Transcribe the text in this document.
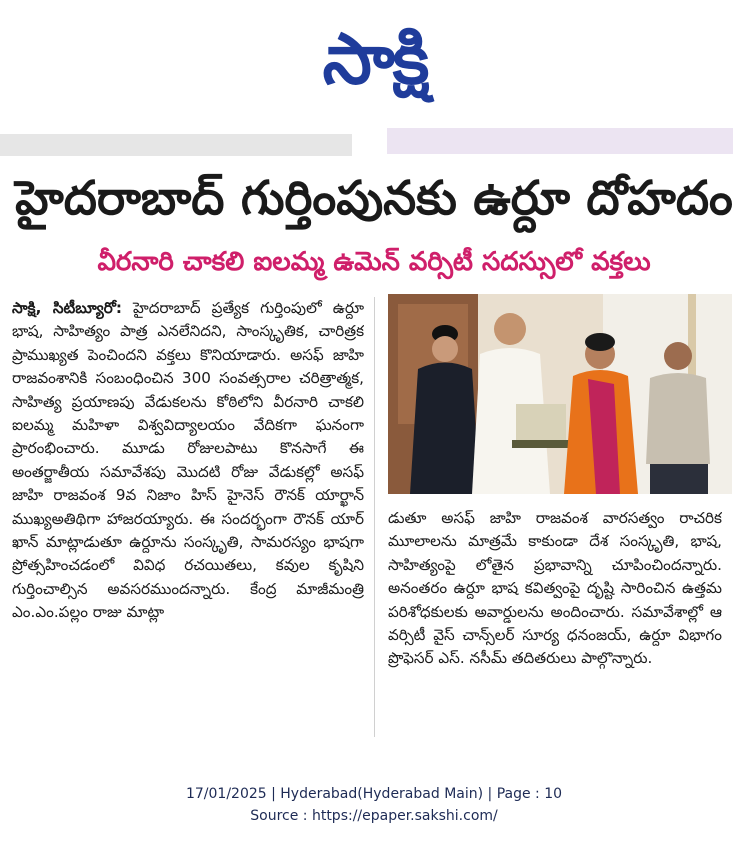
సాక్షి
హైదరాబాద్ గుర్తింపునకు ఉర్దూ దోహదం
వీరనారి చాకలి ఐలమ్మ ఉమెన్ వర్సిటీ సదస్సులో వక్తలు

సాక్షి, సిటీబ్యూరో: హైదరాబాద్ ప్రత్యేక గుర్తింపులో ఉర్దూ భాష, సాహిత్యం పాత్ర ఎనలేనిదని, సాంస్కృతిక, చారిత్రక ప్రాముఖ్యత పెంచిందని వక్తలు కొనియాడారు. అసఫ్ జాహి రాజవంశానికి సంబంధించిన 300 సంవత్సరాల చరిత్రాత్మక, సాహిత్య ప్రయాణపు వేడుకలను కోఠిలోని వీరనారి చాకలి ఐలమ్మ మహిళా విశ్వవిద్యాలయం వేదికగా ఘనంగా ప్రారంభించారు. మూడు రోజులపాటు కొనసాగే ఈ అంతర్జాతీయ సమావేశపు మొదటి రోజు వేడుకల్లో అసఫ్ జాహి రాజవంశ 9వ నిజాం హిస్ హైనెస్ రౌనక్ యార్ఖాన్ ముఖ్యఅతిథిగా హాజరయ్యారు. ఈ సందర్భంగా రౌనక్ యార్ ఖాన్ మాట్లాడుతూ ఉర్దూను సంస్కృతి, సామరస్యం భాషగా ప్రోత్సహించడంలో వివిధ రచయితలు, కవుల కృషిని గుర్తించాల్సిన అవసరముందన్నారు. కేంద్ర మాజీమంత్రి ఎం.ఎం.పల్లం రాజు మాట్లా

డుతూ అసఫ్ జాహి రాజవంశ వారసత్వం రాచరిక మూలాలను మాత్రమే కాకుండా దేశ సంస్కృతి, భాష, సాహిత్యంపై లోతైన ప్రభావాన్ని చూపించిందన్నారు. అనంతరం ఉర్దూ భాష కవిత్వంపై దృష్టి సారించిన ఉత్తమ పరిశోధకులకు అవార్డులను అందించారు. సమావేశాల్లో ఆ వర్సిటీ వైస్ చాన్స్‌లర్ సూర్య ధనంజయ్, ఉర్దూ విభాగం ప్రొఫెసర్ ఎస్. నసీమ్ తదితరులు పాల్గొన్నారు.

17/01/2025 | Hyderabad(Hyderabad Main) | Page : 10
Source : https://epaper.sakshi.com/
